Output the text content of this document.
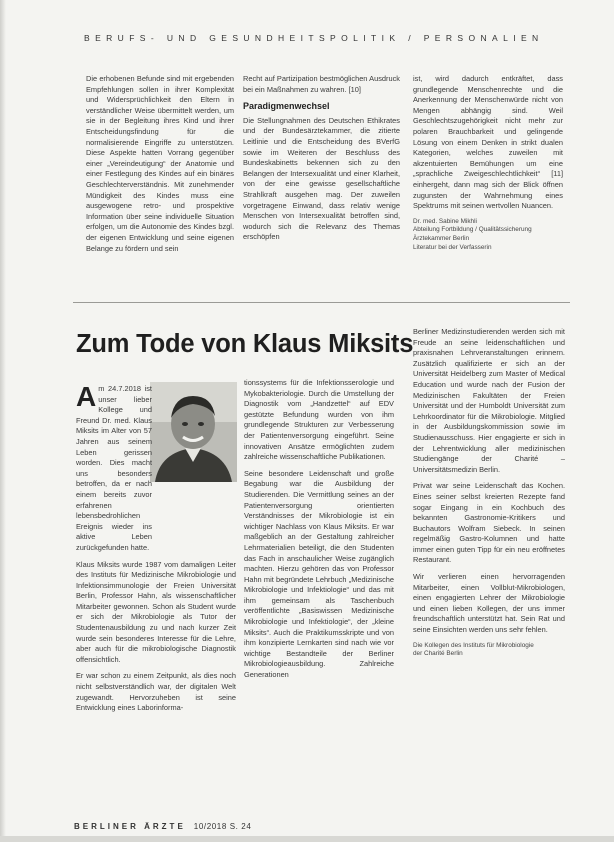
BERUFS- UND GESUNDHEITSPOLITIK / PERSONALIEN

Die erhobenen Befunde sind mit ergebenden Empfehlungen sollen in ihrer Komplexität und Widersprüchlichkeit den Eltern in verständlicher Weise übermittelt werden, um sie in der Begleitung ihres Kind und ihrer Entscheidungsfindung für die normalisierende Eingriffe zu unterstützen. Diese Aspekte hatten Vorrang gegenüber einer „Vereindeutigung“ der Anatomie und einer Festlegung des Kindes auf ein binäres Geschlechterverständnis. Mit zunehmender Mündigkeit des Kindes muss eine ausgewogene retro- und prospektive Information über seine individuelle Situation erfolgen, um die Autonomie des Kindes bzgl. der eigenen Entwicklung und seine eigenen Belange zu fördern und sein

Recht auf Partizipation bestmöglichen Ausdruck bei ein Maßnahmen zu wahren. [10]

Paradigmenwechsel

Die Stellungnahmen des Deutschen Ethikrates und der Bundesärztekammer, die zitierte Leitlinie und die Entscheidung des BVerfG sowie im Weiteren der Beschluss des Bundeskabinetts bekennen sich zu den Belangen der Intersexualität und einer Klarheit, von der eine gewisse gesellschaftliche Strahlkraft ausgehen mag. Der zuweilen vorgetragene Einwand, dass relativ wenige Menschen von Intersexualität betroffen sind, wodurch sich die Relevanz des Themas erschöpfen

ist, wird dadurch entkräftet, dass grundlegende Menschenrechte und die Anerkennung der Menschenwürde nicht von Mengen abhängig sind. Weil Geschlechtszugehörigkeit nicht mehr zur polaren Brauchbarkeit und gelingende Lösung von einem Denken in strikt dualen Kategorien, welches zuweilen mit akzentuierten Bemühungen um eine „sprachliche Zweigeschlechtlichkeit“ [11] einhergeht, dann mag sich der Blick öffnen zugunsten der Wahrnehmung eines Spektrums mit seinen wertvollen Nuancen.

Dr. med. Sabine Mikhli
Abteilung Fortbildung / Qualitätssicherung
Ärztekammer Berlin
Literatur bei der Verfasserin
Zum Tode von Klaus Miksits

A m 24.7.2018 ist unser lieber Kollege und Freund Dr. med. Klaus Miksits im Alter von 57 Jahren aus seinem Leben gerissen worden. Dies macht uns besonders betroffen, da er nach einem bereits zuvor erfahrenen lebensbedrohlichen Ereignis wieder ins aktive Leben zurückgefunden hatte.

Klaus Miksits wurde 1987 vom damaligen Leiter des Instituts für Medizinische Mikrobiologie und Infektionsimmunologie der Freien Universität Berlin, Professor Hahn, als wissenschaftlicher Mitarbeiter gewonnen. Schon als Student wurde er sich der Mikrobiologie als Tutor der Studentenausbildung zu und nach kurzer Zeit wurde sein besonderes Interesse für die Lehre, aber auch für die mikrobiologische Diagnostik offensichtlich.

Er war schon zu einem Zeitpunkt, als dies noch nicht selbstverständlich war, der digitalen Welt zugewandt. Hervorzuheben ist seine Entwicklung eines Laborinforma-

tionssystems für die Infektionsserologie und Mykobakteriologie. Durch die Umstellung der Diagnostik vom „Handzettel“ auf EDV gestützte Befundung wurden von ihm grundlegende Strukturen zur Verbesserung der Patientenversorgung eingeführt. Seine innovativen Ansätze ermöglichten zudem zahlreiche wissenschaftliche Publikationen.

Seine besondere Leidenschaft und große Begabung war die Ausbildung der Studierenden. Die Vermittlung seines an der Patientenversorgung orientierten Verständnisses der Mikrobiologie ist ein wichtiger Nachlass von Klaus Miksits. Er war maßgeblich an der Gestaltung zahlreicher Lehrmaterialien beteiligt, die den Studenten das Fach in anschaulicher Weise zugänglich machten. Hierzu gehören das von Professor Hahn mit begründete Lehrbuch „Medizinische Mikrobiologie und Infektiologie“ und das mit ihm gemeinsam als Taschenbuch veröffentlichte „Basiswissen Medizinische Mikrobiologie und Infektiologie“, der „kleine Miksits“. Auch die Praktikumsskripte und von ihm konzipierte Lernkarten sind nach wie vor wichtige Bestandteile der Berliner Mikrobiologieausbildung. Zahlreiche Generationen

Berliner Medizinstudierenden werden sich mit Freude an seine leidenschaftlichen und praxisnahen Lehrveranstaltungen erinnern. Zusätzlich qualifizierte er sich an der Universität Heidelberg zum Master of Medical Education und wurde nach der Fusion der Medizinischen Fakultäten der Freien Universität und der Humboldt Universität zum Lehrkoordinator für die Mikrobiologie. Mitglied in der Ausbildungskommission sowie im Studienausschuss. Hier engagierte er sich in der Lehrentwicklung aller medizinischen Studiengänge der Charité – Universitätsmedizin Berlin.

Privat war seine Leidenschaft das Kochen. Eines seiner selbst kreierten Rezepte fand sogar Eingang in ein Kochbuch des bekannten Gastronomie-Kritikers und Buchautors Wolfram Siebeck. In seinen regelmäßig Gastro-Kolumnen und hatte immer einen guten Tipp für ein neu eröffnetes Restaurant.

Wir verlieren einen hervorragenden Mitarbeiter, einen Vollblut-Mikrobiologen, einen engagierten Lehrer der Mikrobiologie und einen lieben Kollegen, der uns immer freundschaftlich unterstützt hat. Sein Rat und seine Einsichten werden uns sehr fehlen.

Die Kollegen des Instituts für Mikrobiologie
der Charité Berlin
BERLINER ÄRZTE 10/2018 S. 24
